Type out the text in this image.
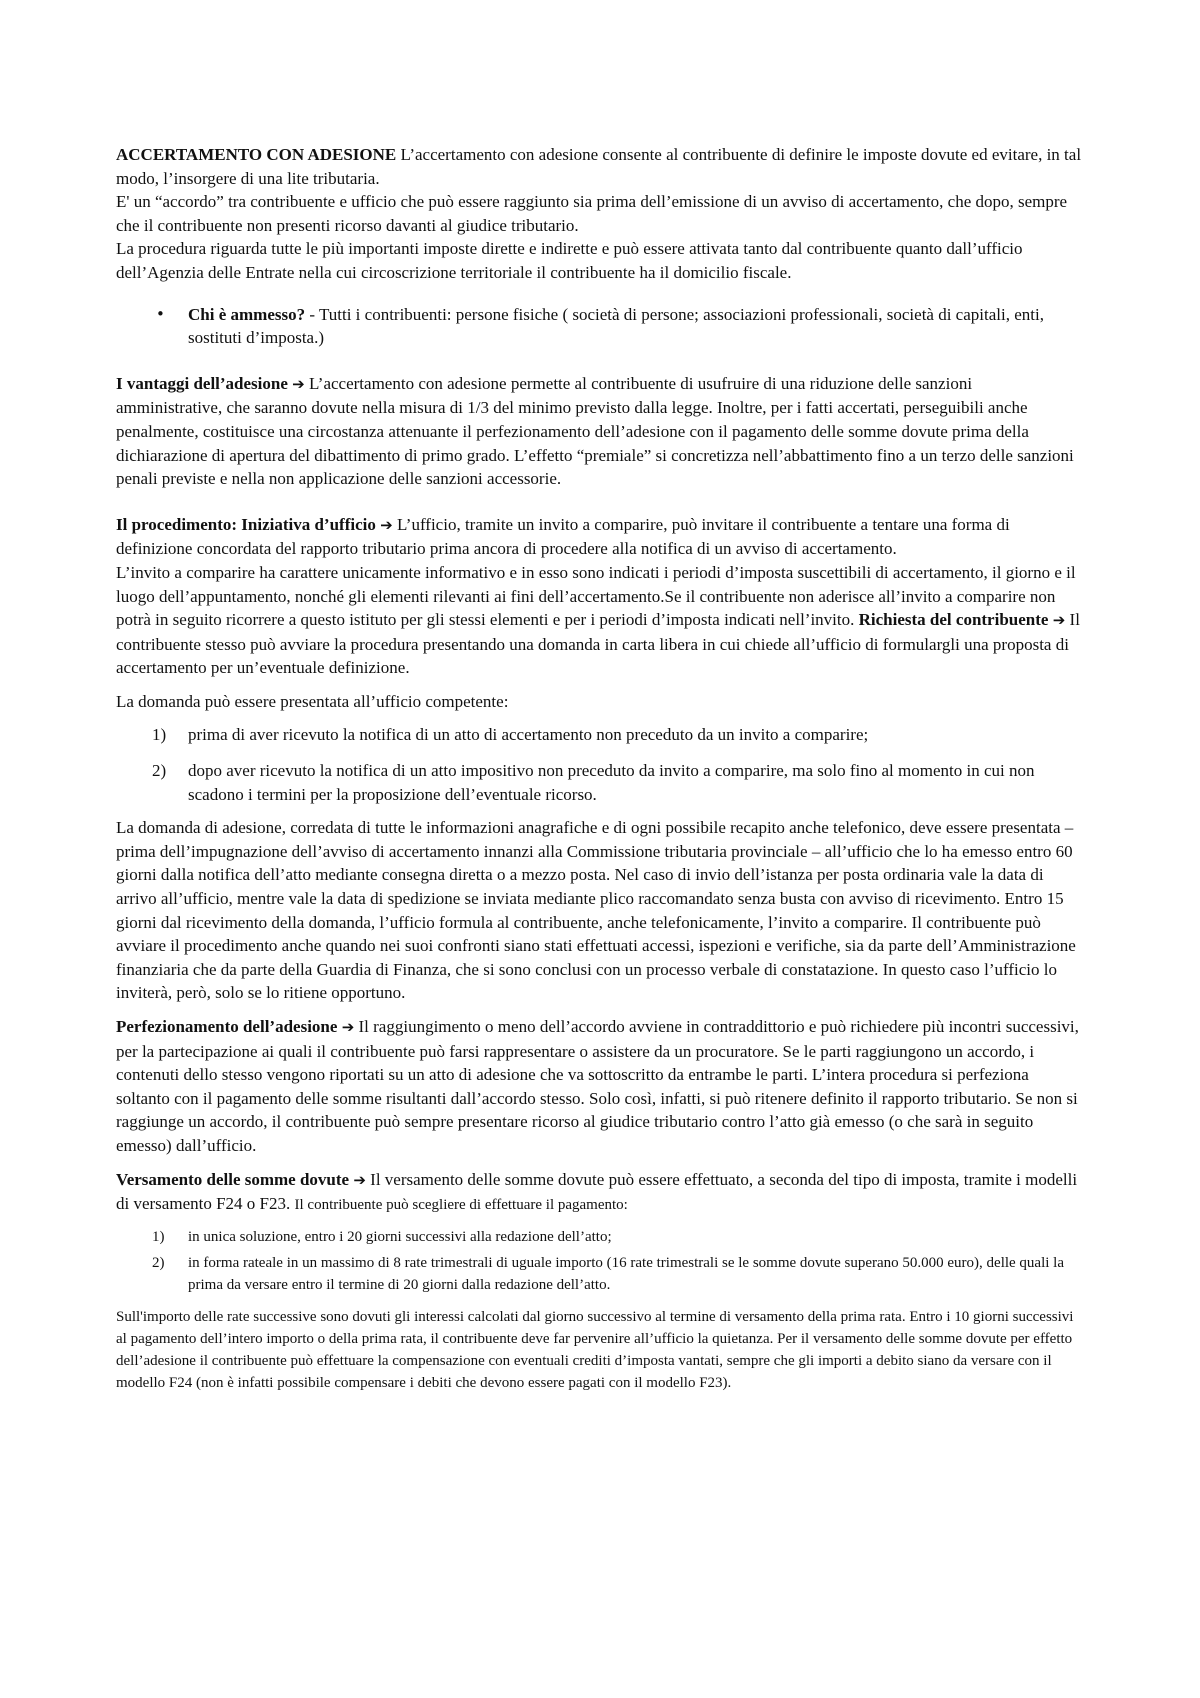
ACCERTAMENTO CON ADESIONE L’accertamento con adesione consente al contribuente di definire le imposte dovute ed evitare, in tal modo, l’insorgere di una lite tributaria.

E' un “accordo” tra contribuente e ufficio che può essere raggiunto sia prima dell’emissione di un avviso di accertamento, che dopo, sempre che il contribuente non presenti ricorso davanti al giudice tributario.

La procedura riguarda tutte le più importanti imposte dirette e indirette e può essere attivata tanto dal contribuente quanto dall’ufficio dell’Agenzia delle Entrate nella cui circoscrizione territoriale il contribuente ha il domicilio fiscale.

• Chi è ammesso? - Tutti i contribuenti: persone fisiche ( società di persone; associazioni professionali, società di capitali, enti, sostituti d’imposta.)

I vantaggi dell’adesione ➔ L’accertamento con adesione permette al contribuente di usufruire di una riduzione delle sanzioni amministrative, che saranno dovute nella misura di 1/3 del minimo previsto dalla legge. Inoltre, per i fatti accertati, perseguibili anche penalmente, costituisce una circostanza attenuante il perfezionamento dell’adesione con il pagamento delle somme dovute prima della dichiarazione di apertura del dibattimento di primo grado. L’effetto “premiale” si concretizza nell’abbattimento fino a un terzo delle sanzioni penali previste e nella non applicazione delle sanzioni accessorie.

Il procedimento: Iniziativa d’ufficio ➔ L’ufficio, tramite un invito a comparire, può invitare il contribuente a tentare una forma di definizione concordata del rapporto tributario prima ancora di procedere alla notifica di un avviso di accertamento.

L’invito a comparire ha carattere unicamente informativo e in esso sono indicati i periodi d’imposta suscettibili di accertamento, il giorno e il luogo dell’appuntamento, nonché gli elementi rilevanti ai fini dell’accertamento.Se il contribuente non aderisce all’invito a comparire non potrà in seguito ricorrere a questo istituto per gli stessi elementi e per i periodi d’imposta indicati nell’invito. Richiesta del contribuente ➔ Il contribuente stesso può avviare la procedura presentando una domanda in carta libera in cui chiede all’ufficio di formulargli una proposta di accertamento per un’eventuale definizione.

La domanda può essere presentata all’ufficio competente:

1) prima di aver ricevuto la notifica di un atto di accertamento non preceduto da un invito a comparire;
2) dopo aver ricevuto la notifica di un atto impositivo non preceduto da invito a comparire, ma solo fino al momento in cui non scadono i termini per la proposizione dell’eventuale ricorso.

La domanda di adesione, corredata di tutte le informazioni anagrafiche e di ogni possibile recapito anche telefonico, deve essere presentata – prima dell’impugnazione dell’avviso di accertamento innanzi alla Commissione tributaria provinciale – all’ufficio che lo ha emesso entro 60 giorni dalla notifica dell’atto mediante consegna diretta o a mezzo posta. Nel caso di invio dell’istanza per posta ordinaria vale la data di arrivo all’ufficio, mentre vale la data di spedizione se inviata mediante plico raccomandato senza busta con avviso di ricevimento. Entro 15 giorni dal ricevimento della domanda, l’ufficio formula al contribuente, anche telefonicamente, l’invito a comparire. Il contribuente può avviare il procedimento anche quando nei suoi confronti siano stati effettuati accessi, ispezioni e verifiche, sia da parte dell’Amministrazione finanziaria che da parte della Guardia di Finanza, che si sono conclusi con un processo verbale di constatazione. In questo caso l’ufficio lo inviterà, però, solo se lo ritiene opportuno.

Perfezionamento dell’adesione ➔ Il raggiungimento o meno dell’accordo avviene in contraddittorio e può richiedere più incontri successivi, per la partecipazione ai quali il contribuente può farsi rappresentare o assistere da un procuratore. Se le parti raggiungono un accordo, i contenuti dello stesso vengono riportati su un atto di adesione che va sottoscritto da entrambe le parti. L’intera procedura si perfeziona soltanto con il pagamento delle somme risultanti dall’accordo stesso. Solo così, infatti, si può ritenere definito il rapporto tributario. Se non si raggiunge un accordo, il contribuente può sempre presentare ricorso al giudice tributario contro l’atto già emesso (o che sarà in seguito emesso) dall’ufficio.

Versamento delle somme dovute ➔ Il versamento delle somme dovute può essere effettuato, a seconda del tipo di imposta, tramite i modelli di versamento F24 o F23. Il contribuente può scegliere di effettuare il pagamento:

1) in unica soluzione, entro i 20 giorni successivi alla redazione dell’atto;
2) in forma rateale in un massimo di 8 rate trimestrali di uguale importo (16 rate trimestrali se le somme dovute superano 50.000 euro), delle quali la prima da versare entro il termine di 20 giorni dalla redazione dell’atto.

Sull'importo delle rate successive sono dovuti gli interessi calcolati dal giorno successivo al termine di versamento della prima rata. Entro i 10 giorni successivi al pagamento dell’intero importo o della prima rata, il contribuente deve far pervenire all’ufficio la quietanza. Per il versamento delle somme dovute per effetto dell’adesione il contribuente può effettuare la compensazione con eventuali crediti d’imposta vantati, sempre che gli importi a debito siano da versare con il modello F24 (non è infatti possibile compensare i debiti che devono essere pagati con il modello F23).
